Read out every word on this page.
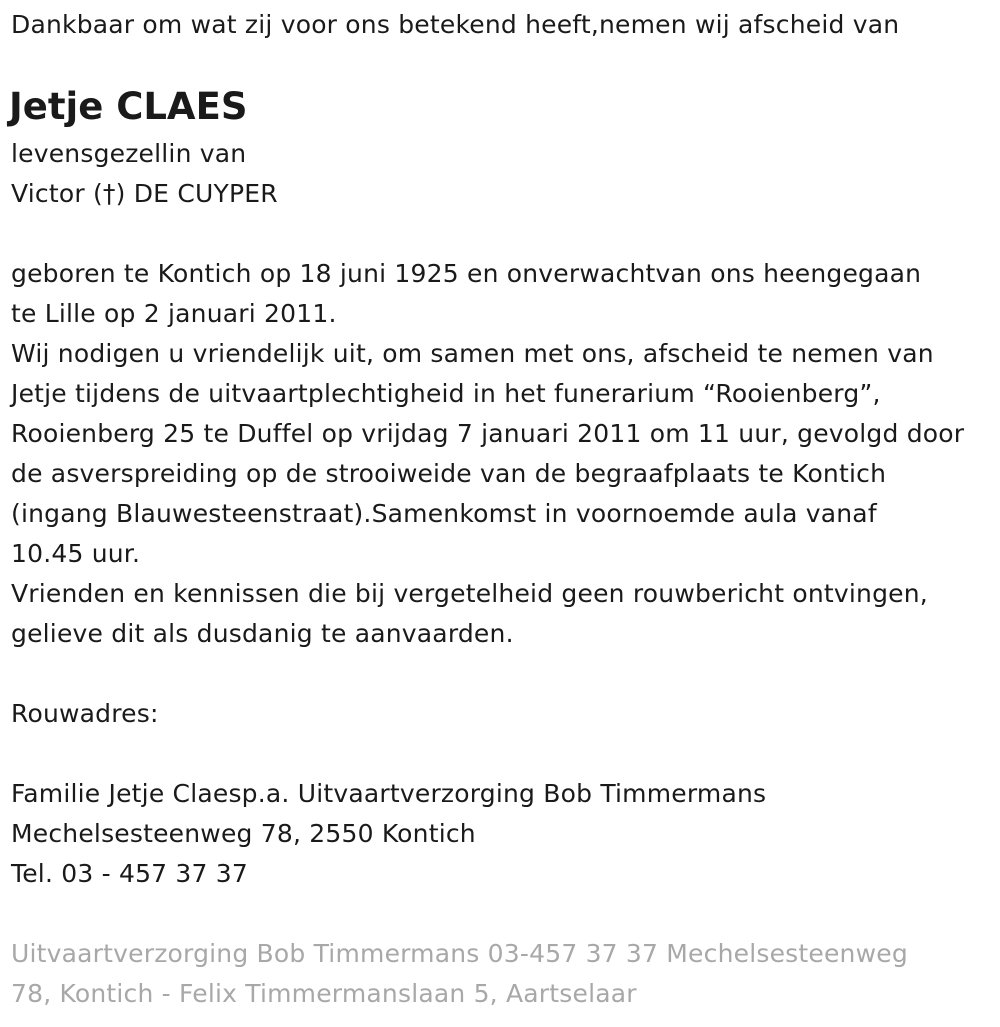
Dankbaar om wat zij voor ons betekend heeft,nemen wij afscheid van
Jetje CLAES
levensgezellin van
Victor (†) DE CUYPER
geboren te Kontich op 18 juni 1925 en onverwachtvan ons heengegaan
te Lille op 2 januari 2011.
Wij nodigen u vriendelijk uit, om samen met ons, afscheid te nemen van
Jetje tijdens de uitvaartplechtigheid in het funerarium “Rooienberg”,
Rooienberg 25 te Duffel op vrijdag 7 januari 2011 om 11 uur, gevolgd door
de asverspreiding op de strooiweide van de begraafplaats te Kontich
(ingang Blauwesteenstraat).Samenkomst in voornoemde aula vanaf
10.45 uur.
Vrienden en kennissen die bij vergetelheid geen rouwbericht ontvingen,
gelieve dit als dusdanig te aanvaarden.
Rouwadres:
Familie Jetje Claesp.a. Uitvaartverzorging Bob Timmermans
Mechelsesteenweg 78, 2550 Kontich
Tel. 03 - 457 37 37
Uitvaartverzorging Bob Timmermans 03-457 37 37 Mechelsesteenweg
78, Kontich - Felix Timmermanslaan 5, Aartselaar
